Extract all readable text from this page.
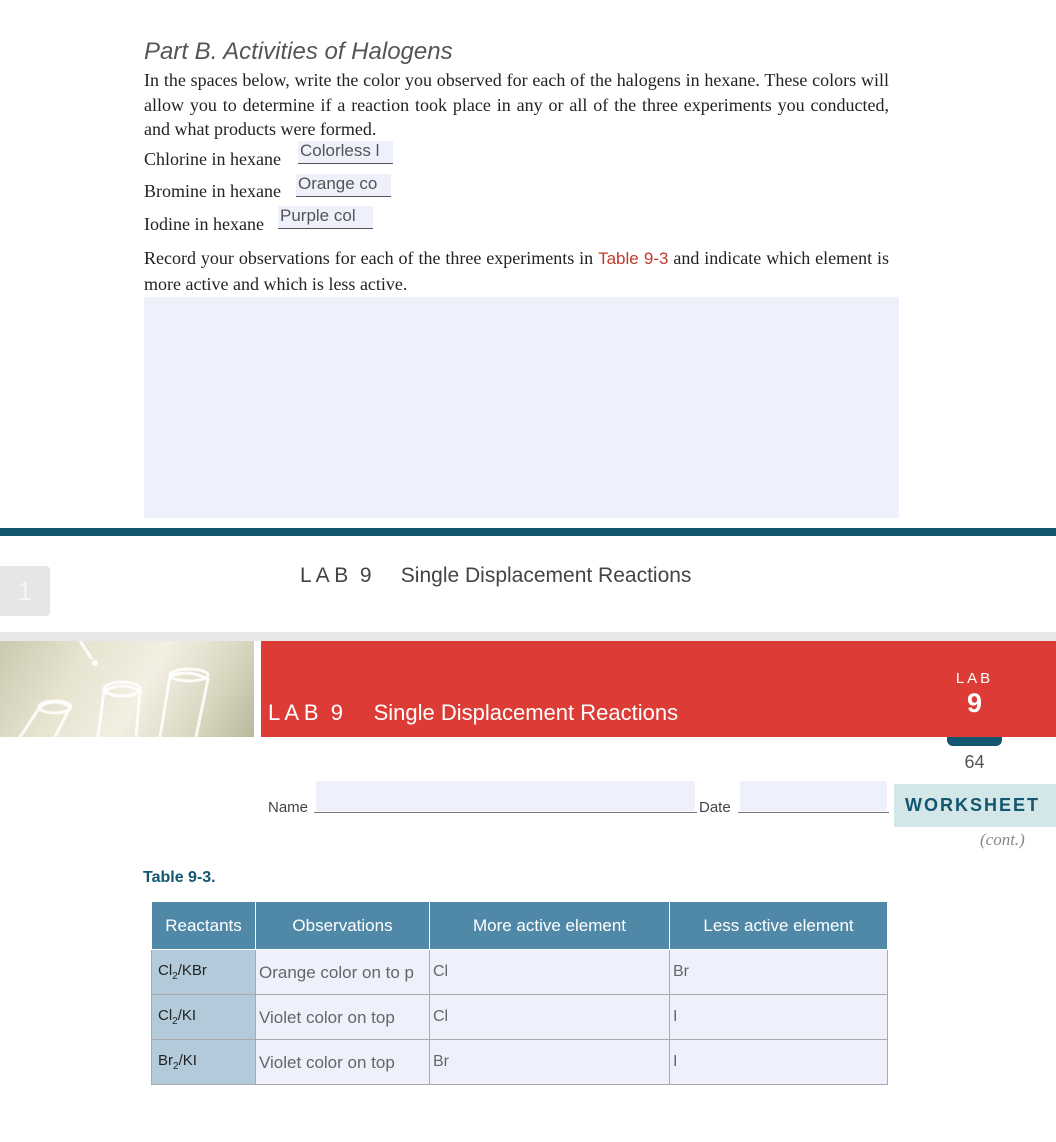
Part B. Activities of Halogens
In the spaces below, write the color you observed for each of the halogens in hexane. These colors will allow you to determine if a reaction took place in any or all of the three experiments you conducted, and what products were formed.
Chlorine in hexane Colorless l
Bromine in hexane Orange co
Iodine in hexane Purple col
Record your observations for each of the three experiments in Table 9-3 and indicate which element is more active and which is less active.
1
L A B  9     Single Displacement Reactions
L A B  9     Single Displacement Reactions
LAB
9
64
Name	Date	WORKSHEET
(cont.)
Table 9-3.
Reactants	Observations	More active element	Less active element
$Cl_2$/KBr	Orange color on to p	Cl	Br
$Cl_2/KI$	Violet color on top	Cl	I
$Br_2/KI$	Violet color on top	Br	I
